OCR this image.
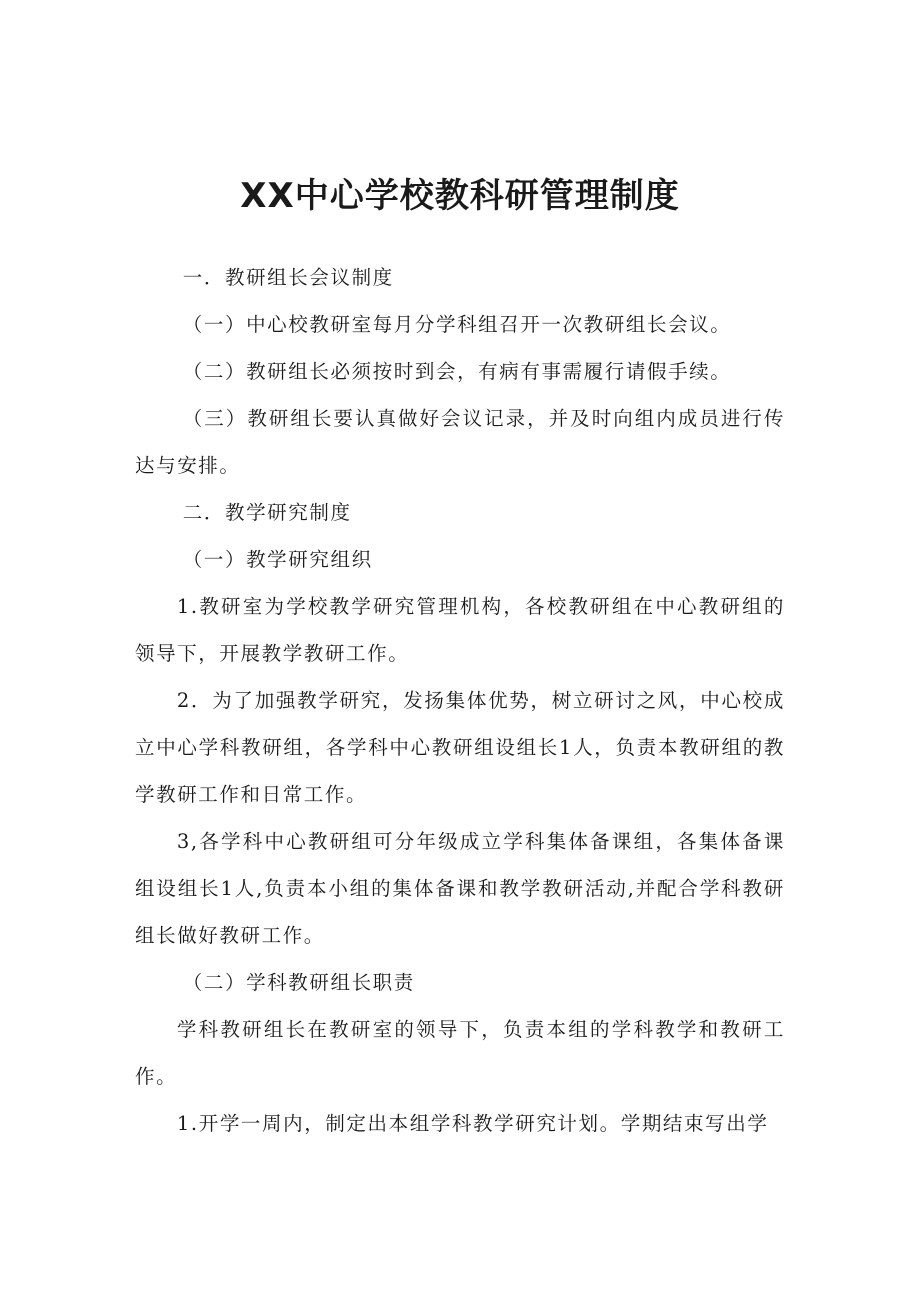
XX中心学校教科研管理制度

一．教研组长会议制度

（一）中心校教研室每月分学科组召开一次教研组长会议。

（二）教研组长必须按时到会，有病有事需履行请假手续。

（三）教研组长要认真做好会议记录，并及时向组内成员进行传达与安排。

二．教学研究制度

（一）教学研究组织

1.教研室为学校教学研究管理机构，各校教研组在中心教研组的领导下，开展教学教研工作。

2．为了加强教学研究，发扬集体优势，树立研讨之风，中心校成立中心学科教研组，各学科中心教研组设组长1人，负责本教研组的教学教研工作和日常工作。

3,各学科中心教研组可分年级成立学科集体备课组，各集体备课组设组长1人,负责本小组的集体备课和教学教研活动,并配合学科教研组长做好教研工作。

（二）学科教研组长职责

学科教研组长在教研室的领导下，负责本组的学科教学和教研工作。

1.开学一周内，制定出本组学科教学研究计划。学期结束写出学
